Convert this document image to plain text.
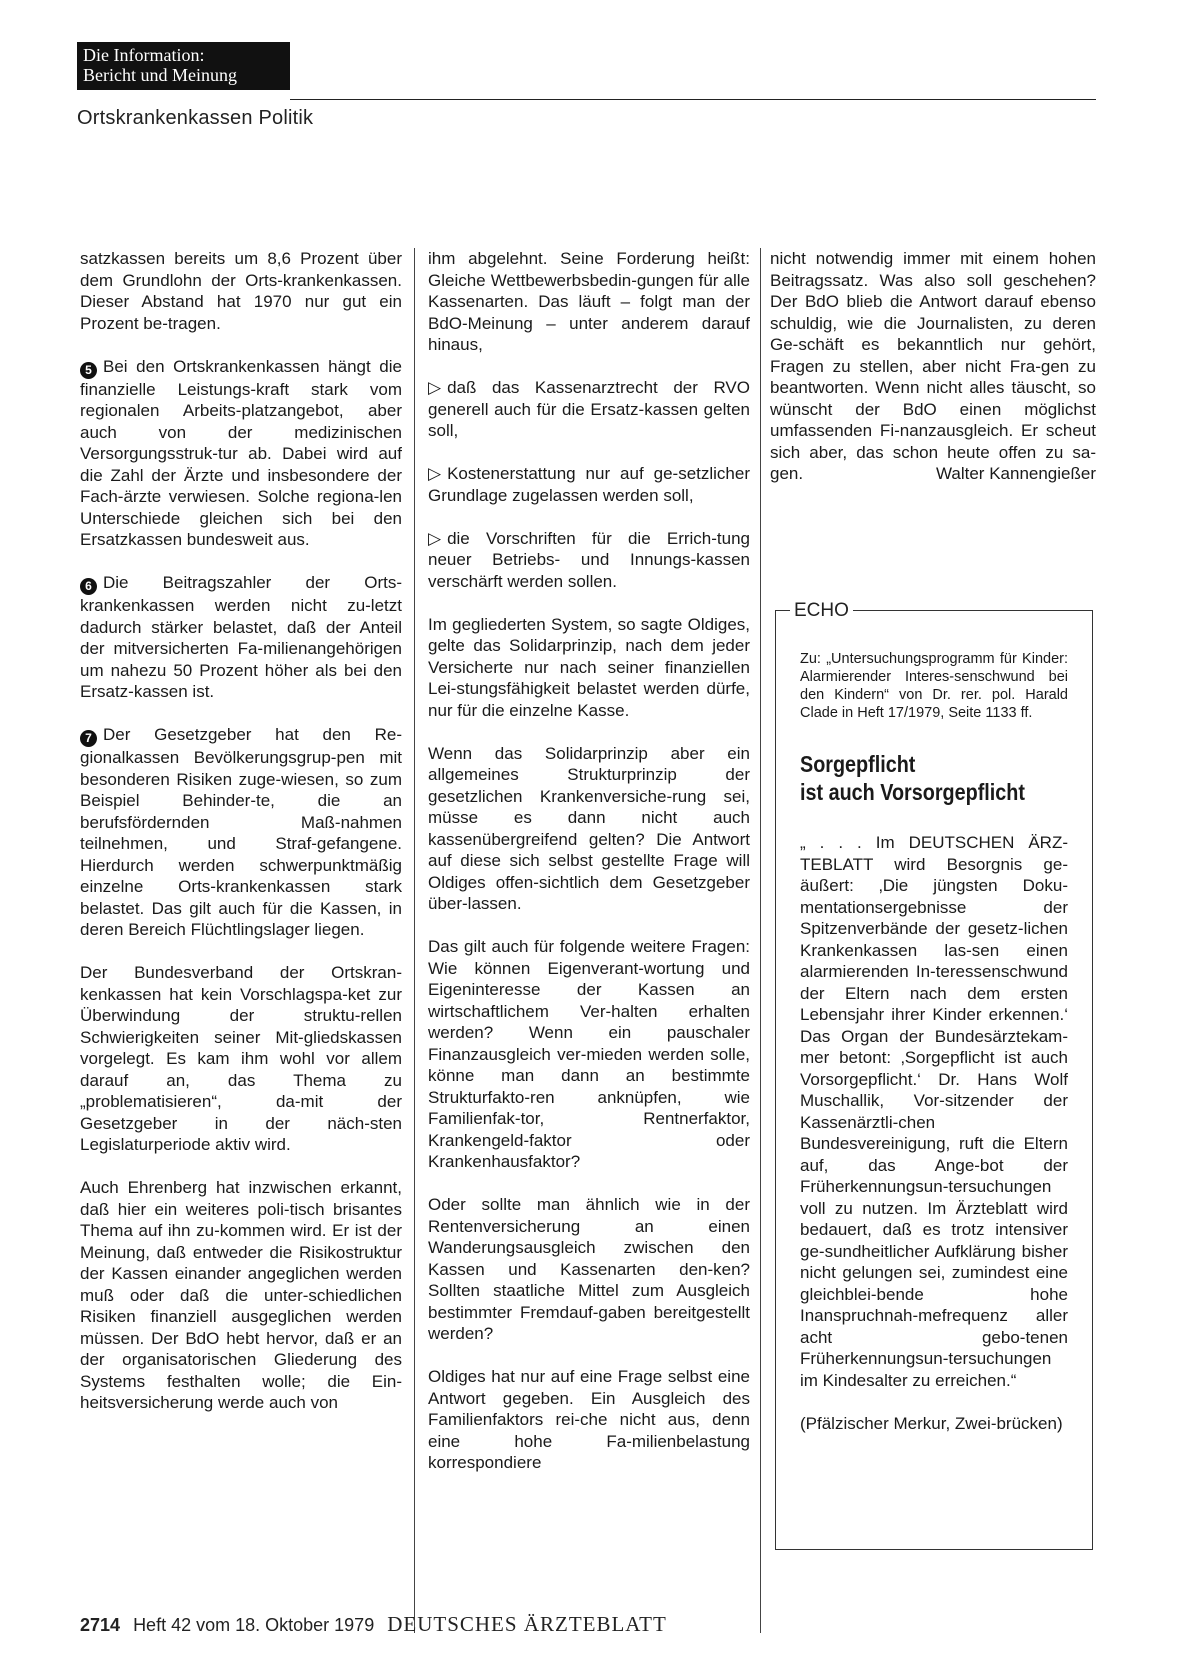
Die Information:
Bericht und Meinung
Ortskrankenkassen Politik

satzkassen bereits um 8,6 Prozent über dem Grundlohn der Orts-krankenkassen. Dieser Abstand hat 1970 nur gut ein Prozent be-tragen.

5 Bei den Ortskrankenkassen hängt die finanzielle Leistungs-kraft stark vom regionalen Arbeits-platzangebot, aber auch von der medizinischen Versorgungsstruk-tur ab. Dabei wird auf die Zahl der Ärzte und insbesondere der Fach-ärzte verwiesen. Solche regiona-len Unterschiede gleichen sich bei den Ersatzkassen bundesweit aus.

6 Die Beitragszahler der Orts-krankenkassen werden nicht zu-letzt dadurch stärker belastet, daß der Anteil der mitversicherten Fa-milienangehörigen um nahezu 50 Prozent höher als bei den Ersatz-kassen ist.

7 Der Gesetzgeber hat den Re-gionalkassen Bevölkerungsgrup-pen mit besonderen Risiken zuge-wiesen, so zum Beispiel Behinder-te, die an berufsfördernden Maß-nahmen teilnehmen, und Straf-gefangene. Hierdurch werden schwerpunktmäßig einzelne Orts-krankenkassen stark belastet. Das gilt auch für die Kassen, in deren Bereich Flüchtlingslager liegen.

Der Bundesverband der Ortskran-kenkassen hat kein Vorschlagspa-ket zur Überwindung der struktu-rellen Schwierigkeiten seiner Mit-gliedskassen vorgelegt. Es kam ihm wohl vor allem darauf an, das Thema zu „problematisieren“, da-mit der Gesetzgeber in der näch-sten Legislaturperiode aktiv wird.

Auch Ehrenberg hat inzwischen erkannt, daß hier ein weiteres poli-tisch brisantes Thema auf ihn zu-kommen wird. Er ist der Meinung, daß entweder die Risikostruktur der Kassen einander angeglichen werden muß oder daß die unter-schiedlichen Risiken finanziell ausgeglichen werden müssen. Der BdO hebt hervor, daß er an der organisatorischen Gliederung des Systems festhalten wolle; die Ein-heitsversicherung werde auch von

ihm abgelehnt. Seine Forderung heißt: Gleiche Wettbewerbsbedin-gungen für alle Kassenarten. Das läuft – folgt man der BdO-Meinung – unter anderem darauf hinaus,

▷ daß das Kassenarztrecht der RVO generell auch für die Ersatz-kassen gelten soll,

▷ Kostenerstattung nur auf ge-setzlicher Grundlage zugelassen werden soll,

▷ die Vorschriften für die Errich-tung neuer Betriebs- und Innungs-kassen verschärft werden sollen.

Im gegliederten System, so sagte Oldiges, gelte das Solidarprinzip, nach dem jeder Versicherte nur nach seiner finanziellen Lei-stungsfähigkeit belastet werden dürfe, nur für die einzelne Kasse.

Wenn das Solidarprinzip aber ein allgemeines Strukturprinzip der gesetzlichen Krankenversiche-rung sei, müsse es dann nicht auch kassenübergreifend gelten? Die Antwort auf diese sich selbst gestellte Frage will Oldiges offen-sichtlich dem Gesetzgeber über-lassen.

Das gilt auch für folgende weitere Fragen: Wie können Eigenverant-wortung und Eigeninteresse der Kassen an wirtschaftlichem Ver-halten erhalten werden? Wenn ein pauschaler Finanzausgleich ver-mieden werden solle, könne man dann an bestimmte Strukturfakto-ren anknüpfen, wie Familienfak-tor, Rentnerfaktor, Krankengeld-faktor oder Krankenhausfaktor?

Oder sollte man ähnlich wie in der Rentenversicherung an einen Wanderungsausgleich zwischen den Kassen und Kassenarten den-ken? Sollten staatliche Mittel zum Ausgleich bestimmter Fremdauf-gaben bereitgestellt werden?

Oldiges hat nur auf eine Frage selbst eine Antwort gegeben. Ein Ausgleich des Familienfaktors rei-che nicht aus, denn eine hohe Fa-milienbelastung korrespondiere

nicht notwendig immer mit einem hohen Beitragssatz. Was also soll geschehen? Der BdO blieb die Antwort darauf ebenso schuldig, wie die Journalisten, zu deren Ge-schäft es bekanntlich nur gehört, Fragen zu stellen, aber nicht Fra-gen zu beantworten. Wenn nicht alles täuscht, so wünscht der BdO einen möglichst umfassenden Fi-nanzausgleich. Er scheut sich aber, das schon heute offen zu sa-gen.	Walter Kannengießer

ECHO

Zu: „Untersuchungsprogramm für Kinder: Alarmierender Interes-senschwund bei den Kindern“ von Dr. rer. pol. Harald Clade in Heft 17/1979, Seite 1133 ff.

Sorgepflicht
ist auch Vorsorgepflicht

„ . . . Im DEUTSCHEN ÄRZ-TEBLATT wird Besorgnis ge-äußert: ‚Die jüngsten Doku-mentationsergebnisse der Spitzenverbände der gesetz-lichen Krankenkassen las-sen einen alarmierenden In-teressenschwund der Eltern nach dem ersten Lebensjahr ihrer Kinder erkennen.‘ Das Organ der Bundesärztekam-mer betont: ‚Sorgepflicht ist auch Vorsorgepflicht.‘ Dr. Hans Wolf Muschallik, Vor-sitzender der Kassenärztli-chen Bundesvereinigung, ruft die Eltern auf, das Ange-bot der Früherkennungsun-tersuchungen voll zu nutzen. Im Ärzteblatt wird bedauert, daß es trotz intensiver ge-sundheitlicher Aufklärung bisher nicht gelungen sei, zumindest eine gleichblei-bende hohe Inanspruchnah-mefrequenz aller acht gebo-tenen Früherkennungsun-tersuchungen im Kindesalter zu erreichen.“

(Pfälzischer Merkur, Zwei-brücken)

2714 Heft 42 vom 18. Oktober 1979 DEUTSCHES ÄRZTEBLATT
